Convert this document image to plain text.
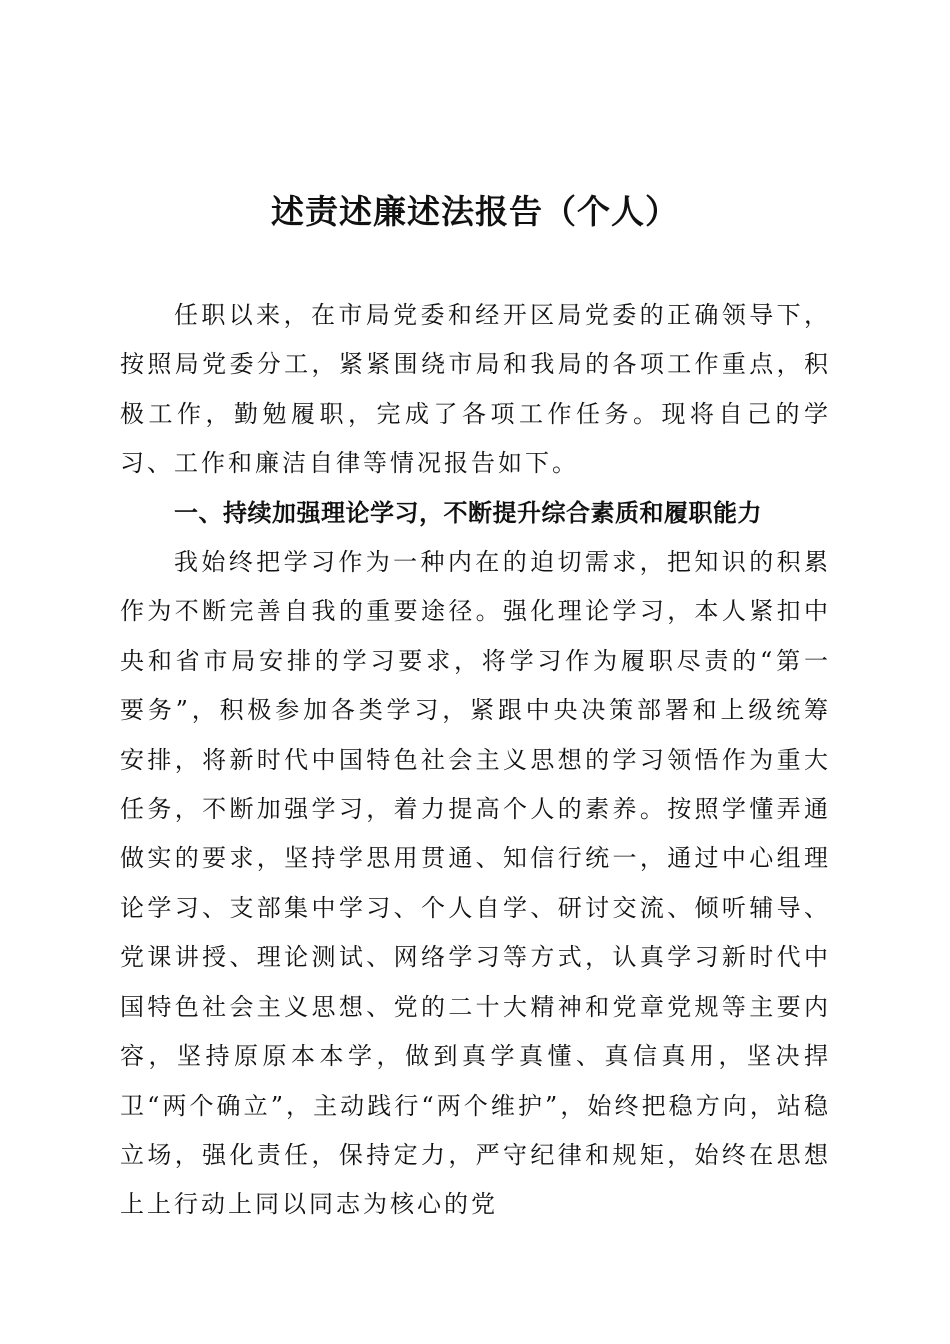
述责述廉述法报告（个人）

任职以来，在市局党委和经开区局党委的正确领导下，按照局党委分工，紧紧围绕市局和我局的各项工作重点，积极工作，勤勉履职，完成了各项工作任务。现将自己的学习、工作和廉洁自律等情况报告如下。

一、持续加强理论学习，不断提升综合素质和履职能力

我始终把学习作为一种内在的迫切需求，把知识的积累作为不断完善自我的重要途径。强化理论学习，本人紧扣中央和省市局安排的学习要求，将学习作为履职尽责的“第一要务”，积极参加各类学习，紧跟中央决策部署和上级统筹安排，将新时代中国特色社会主义思想的学习领悟作为重大任务，不断加强学习，着力提高个人的素养。按照学懂弄通做实的要求，坚持学思用贯通、知信行统一，通过中心组理论学习、支部集中学习、个人自学、研讨交流、倾听辅导、党课讲授、理论测试、网络学习等方式，认真学习新时代中国特色社会主义思想、党的二十大精神和党章党规等主要内容，坚持原原本本学，做到真学真懂、真信真用，坚决捍卫“两个确立”，主动践行“两个维护”，始终把稳方向，站稳立场，强化责任，保持定力，严守纪律和规矩，始终在思想上上行动上同以同志为核心的党
